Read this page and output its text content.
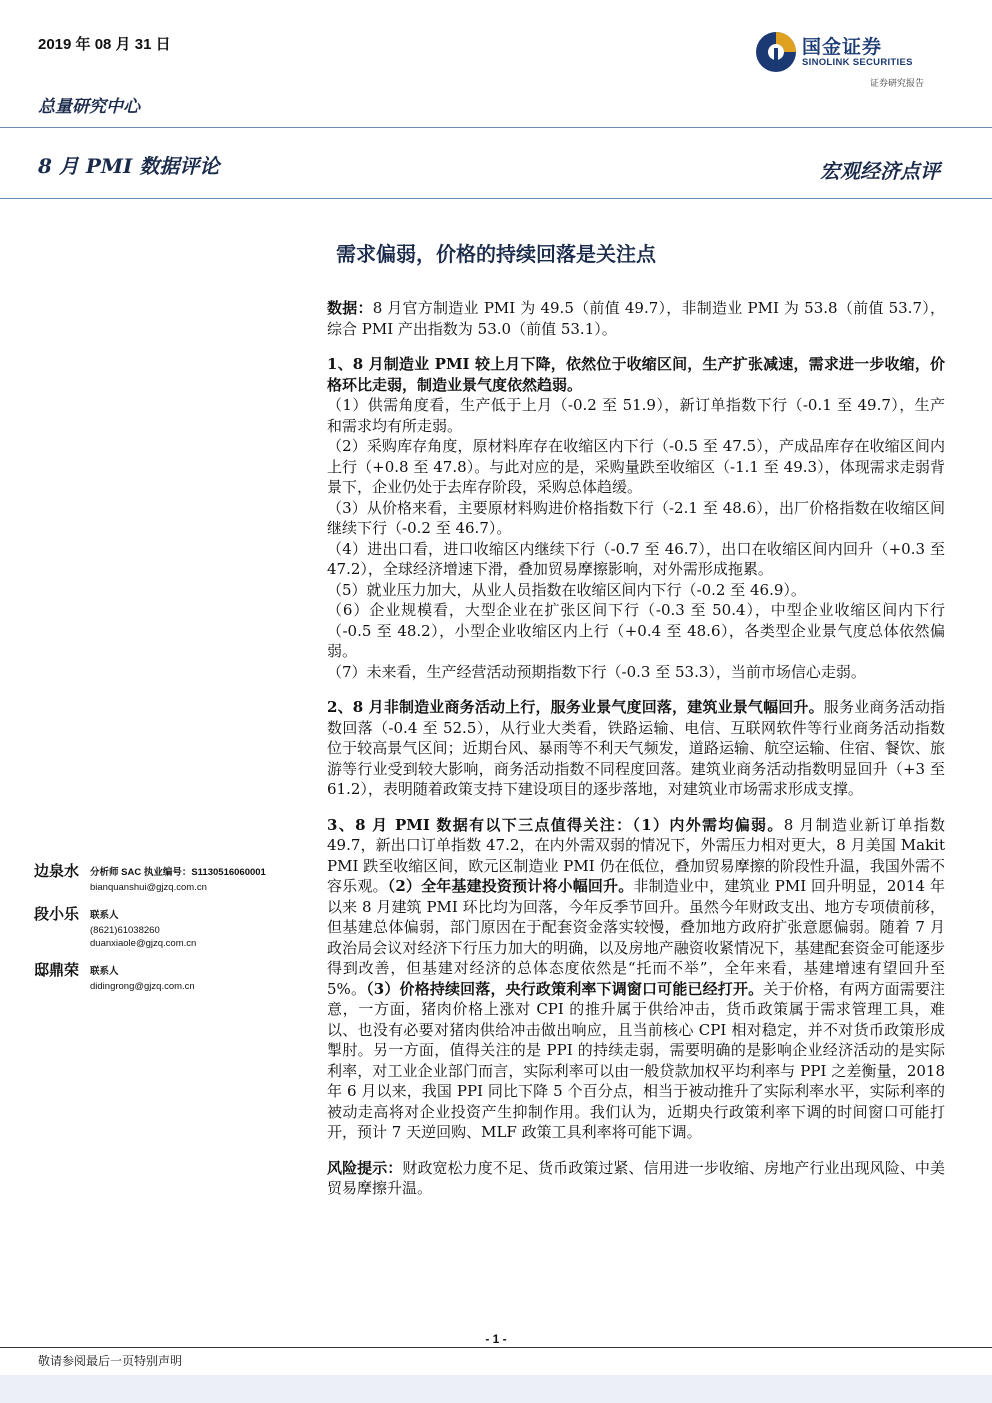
2019 年 08 月 31 日
总量研究中心
8 月 PMI 数据评论	宏观经济点评
国金证券
SINOLINK SECURITIES
证券研究报告
需求偏弱，价格的持续回落是关注点

数据：8 月官方制造业 PMI 为 49.5（前值 49.7），非制造业 PMI 为 53.8（前值 53.7），综合 PMI 产出指数为 53.0（前值 53.1）。

1、8 月制造业 PMI 较上月下降，依然位于收缩区间，生产扩张减速，需求进一步收缩，价格环比走弱，制造业景气度依然趋弱。

（1）供需角度看，生产低于上月（-0.2 至 51.9），新订单指数下行（-0.1 至 49.7），生产和需求均有所走弱。

（2）采购库存角度，原材料库存在收缩区内下行（-0.5 至 47.5），产成品库存在收缩区间内上行（+0.8 至 47.8）。与此对应的是，采购量跌至收缩区（-1.1 至 49.3），体现需求走弱背景下，企业仍处于去库存阶段，采购总体趋缓。

（3）从价格来看，主要原材料购进价格指数下行（-2.1 至 48.6），出厂价格指数在收缩区间继续下行（-0.2 至 46.7）。

（4）进出口看，进口收缩区内继续下行（-0.7 至 46.7），出口在收缩区间内回升（+0.3 至 47.2），全球经济增速下滑，叠加贸易摩擦影响，对外需形成拖累。

（5）就业压力加大，从业人员指数在收缩区间内下行（-0.2 至 46.9）。

（6）企业规模看，大型企业在扩张区间下行（-0.3 至 50.4），中型企业收缩区间内下行（-0.5 至 48.2），小型企业收缩区内上行（+0.4 至 48.6），各类型企业景气度总体依然偏弱。

（7）未来看，生产经营活动预期指数下行（-0.3 至 53.3），当前市场信心走弱。

2、8 月非制造业商务活动上行，服务业景气度回落，建筑业景气幅回升。服务业商务活动指数回落（-0.4 至 52.5），从行业大类看，铁路运输、电信、互联网软件等行业商务活动指数位于较高景气区间；近期台风、暴雨等不利天气频发，道路运输、航空运输、住宿、餐饮、旅游等行业受到较大影响，商务活动指数不同程度回落。建筑业商务活动指数明显回升（+3 至 61.2），表明随着政策支持下建设项目的逐步落地，对建筑业市场需求形成支撑。

3、8 月 PMI 数据有以下三点值得关注：（1）内外需均偏弱。8 月制造业新订单指数 49.7，新出口订单指数 47.2，在内外需双弱的情况下，外需压力相对更大，8 月美国 Makit PMI 跌至收缩区间，欧元区制造业 PMI 仍在低位，叠加贸易摩擦的阶段性升温，我国外需不容乐观。（2）全年基建投资预计将小幅回升。非制造业中，建筑业 PMI 回升明显，2014 年以来 8 月建筑 PMI 环比均为回落，今年反季节回升。虽然今年财政支出、地方专项债前移，但基建总体偏弱，部门原因在于配套资金落实较慢，叠加地方政府扩张意愿偏弱。随着 7 月政治局会议对经济下行压力加大的明确，以及房地产融资收紧情况下，基建配套资金可能逐步得到改善，但基建对经济的总体态度依然是“托而不举”，全年来看，基建增速有望回升至 5%。（3）价格持续回落，央行政策利率下调窗口可能已经打开。关于价格，有两方面需要注意，一方面，猪肉价格上涨对 CPI 的推升属于供给冲击，货币政策属于需求管理工具，难以、也没有必要对猪肉供给冲击做出响应，且当前核心 CPI 相对稳定，并不对货币政策形成掣肘。另一方面，值得关注的是 PPI 的持续走弱，需要明确的是影响企业经济活动的是实际利率，对工业企业部门而言，实际利率可以由一般贷款加权平均利率与 PPI 之差衡量，2018 年 6 月以来，我国 PPI 同比下降 5 个百分点，相当于被动推升了实际利率水平，实际利率的被动走高将对企业投资产生抑制作用。我们认为，近期央行政策利率下调的时间窗口可能打开，预计 7 天逆回购、MLF 政策工具利率将可能下调。

风险提示：财政宽松力度不足、货币政策过紧、信用进一步收缩、房地产行业出现风险、中美贸易摩擦升温。

边泉水	分析师 SAC 执业编号：S1130516060001
bianquanshui@gjzq.com.cn
段小乐	联系人
(8621)61038260
duanxiaole@gjzq.com.cn
邸鼎荣	联系人
didingrong@gjzq.com.cn
- 1 -
敬请参阅最后一页特别声明
